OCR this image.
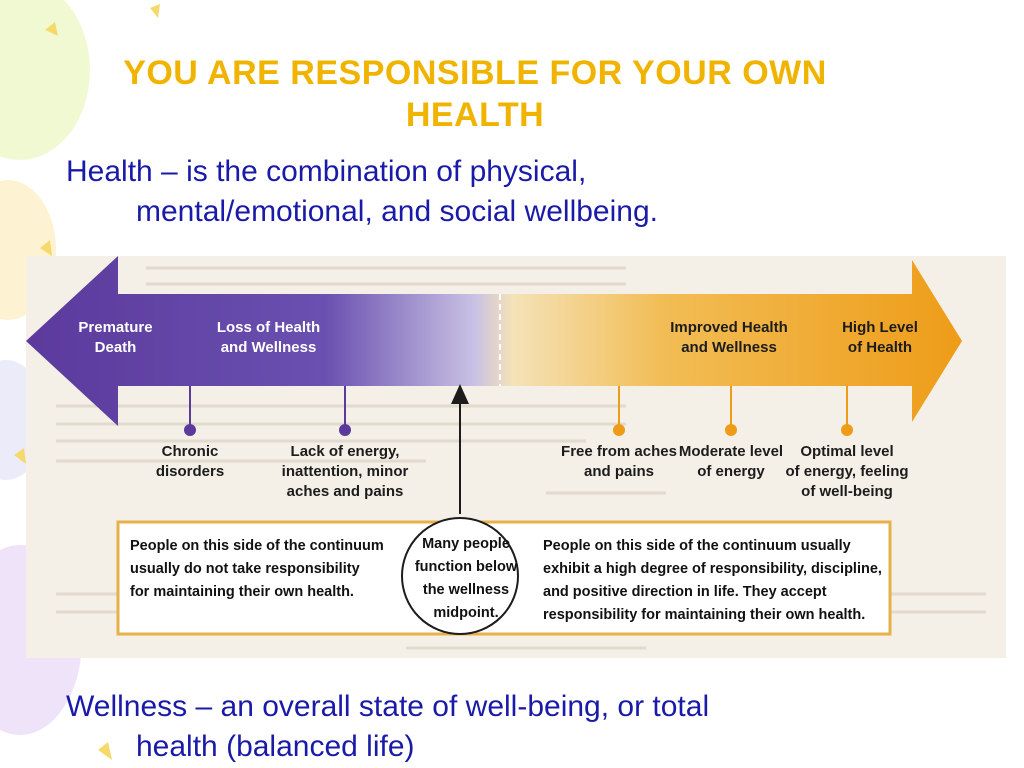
YOU ARE RESPONSIBLE FOR YOUR OWN HEALTH
Health – is the combination of physical,
mental/emotional, and social wellbeing.
Premature
Death
Loss of Health
and Wellness
Improved Health
and Wellness
High Level
of Health
Chronic
disorders
Lack of energy,
inattention, minor
aches and pains
Free from aches
and pains
Moderate level
of energy
Optimal level
of energy, feeling
of well-being
People on this side of the continuum
usually do not take responsibility
for maintaining their own health.
Many people
function below
the wellness
midpoint.
People on this side of the continuum usually
exhibit a high degree of responsibility, discipline,
and positive direction in life. They accept
responsibility for maintaining their own health.
Wellness – an overall state of well-being, or total
health (balanced life)
